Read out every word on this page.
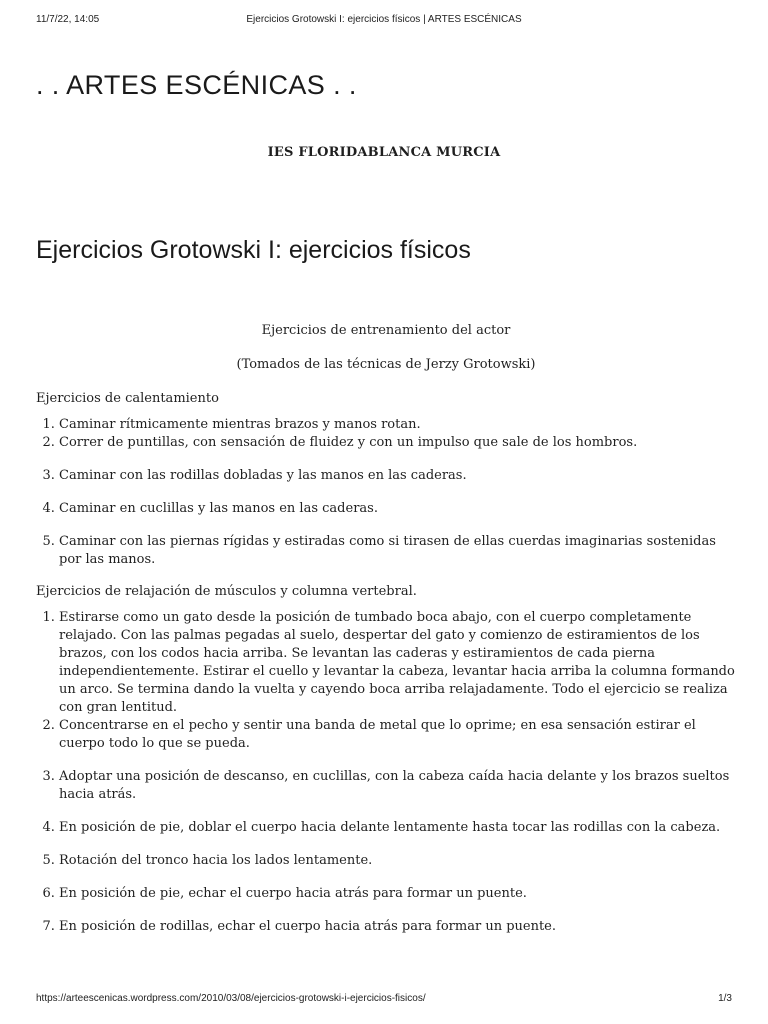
11/7/22, 14:05	Ejercicios Grotowski I: ejercicios físicos | ARTES ESCÉNICAS
. . ARTES ESCÉNICAS . .

IES FLORIDABLANCA MURCIA

Ejercicios Grotowski I: ejercicios físicos

Ejercicios de entrenamiento del actor

(Tomados de las técnicas de Jerzy Grotowski)

Ejercicios de calentamiento

1. Caminar rítmicamente mientras brazos y manos rotan.
2. Correr de puntillas, con sensación de fluidez y con un impulso que sale de los hombros.
3. Caminar con las rodillas dobladas y las manos en las caderas.
4. Caminar en cuclillas y las manos en las caderas.
5. Caminar con las piernas rígidas y estiradas como si tirasen de ellas cuerdas imaginarias sostenidas por las manos.

Ejercicios de relajación de músculos y columna vertebral.

1. Estirarse como un gato desde la posición de tumbado boca abajo, con el cuerpo completamente relajado. Con las palmas pegadas al suelo, despertar del gato y comienzo de estiramientos de los brazos, con los codos hacia arriba. Se levantan las caderas y estiramientos de cada pierna independientemente. Estirar el cuello y levantar la cabeza, levantar hacia arriba la columna formando un arco. Se termina dando la vuelta y cayendo boca arriba relajadamente. Todo el ejercicio se realiza con gran lentitud.
2. Concentrarse en el pecho y sentir una banda de metal que lo oprime; en esa sensación estirar el cuerpo todo lo que se pueda.
3. Adoptar una posición de descanso, en cuclillas, con la cabeza caída hacia delante y los brazos sueltos hacia atrás.
4. En posición de pie, doblar el cuerpo hacia delante lentamente hasta tocar las rodillas con la cabeza.
5. Rotación del tronco hacia los lados lentamente.
6. En posición de pie, echar el cuerpo hacia atrás para formar un puente.
7. En posición de rodillas, echar el cuerpo hacia atrás para formar un puente.
https://arteescenicas.wordpress.com/2010/03/08/ejercicios-grotowski-i-ejercicios-fisicos/	1/3
